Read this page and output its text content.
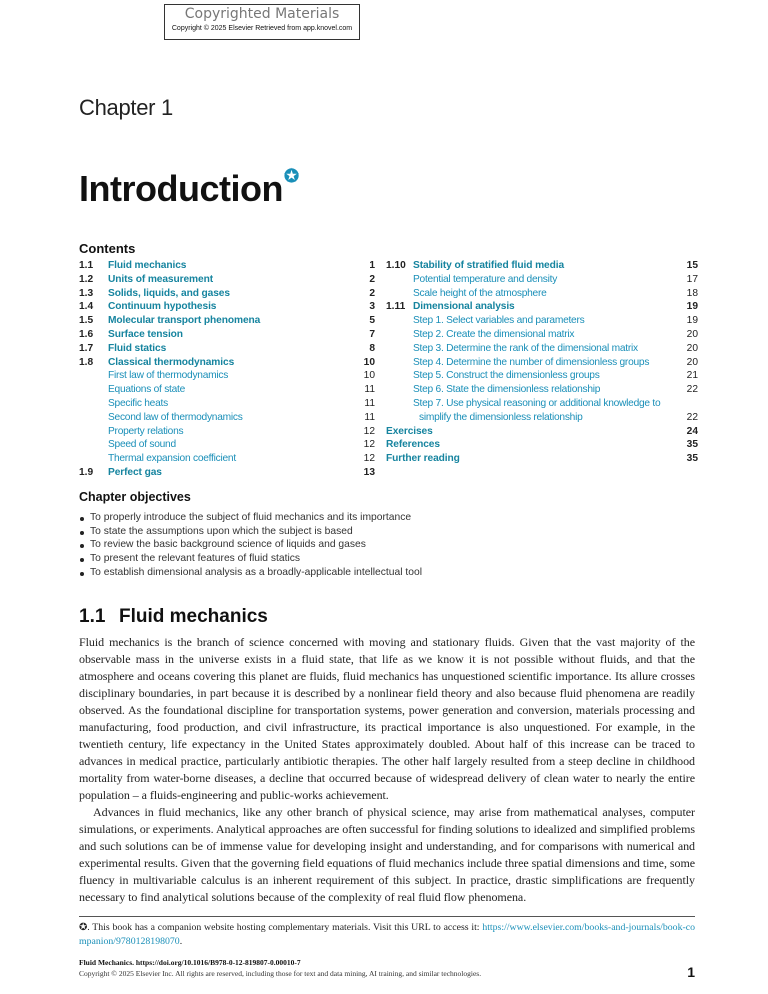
Copyrighted Materials
Copyright © 2025 Elsevier Retrieved from app.knovel.com
Chapter 1
Introduction✪
Contents
1.1 Fluid mechanics	1
1.2 Units of measurement	2
1.3 Solids, liquids, and gases	2
1.4 Continuum hypothesis	3
1.5 Molecular transport phenomena	5
1.6 Surface tension	7
1.7 Fluid statics	8
1.8 Classical thermodynamics	10
First law of thermodynamics	10
Equations of state	11
Specific heats	11
Second law of thermodynamics	11
Property relations	12
Speed of sound	12
Thermal expansion coefficient	12
1.9 Perfect gas	13
1.10 Stability of stratified fluid media	15
Potential temperature and density	17
Scale height of the atmosphere	18
1.11 Dimensional analysis	19
Step 1. Select variables and parameters	19
Step 2. Create the dimensional matrix	20
Step 3. Determine the rank of the dimensional matrix	20
Step 4. Determine the number of dimensionless groups	20
Step 5. Construct the dimensionless groups	21
Step 6. State the dimensionless relationship	22
Step 7. Use physical reasoning or additional knowledge to
simplify the dimensionless relationship	22
Exercises	24
References	35
Further reading	35
Chapter objectives
To properly introduce the subject of fluid mechanics and its importance
To state the assumptions upon which the subject is based
To review the basic background science of liquids and gases
To present the relevant features of fluid statics
To establish dimensional analysis as a broadly-applicable intellectual tool
1.1 Fluid mechanics

Fluid mechanics is the branch of science concerned with moving and stationary fluids. Given that the vast majority of the observable mass in the universe exists in a fluid state, that life as we know it is not possible without fluids, and that the atmosphere and oceans covering this planet are fluids, fluid mechanics has unquestioned scientific importance. Its allure crosses disciplinary boundaries, in part because it is described by a nonlinear field theory and also because fluid phenomena are readily observed. As the foundational discipline for transportation systems, power generation and conversion, materials processing and manufacturing, food production, and civil infrastructure, its practical importance is also unquestioned. For example, in the twentieth century, life expectancy in the United States approximately doubled. About half of this increase can be traced to advances in medical practice, particularly antibiotic therapies. The other half largely resulted from a steep decline in childhood mortality from water-borne diseases, a decline that occurred because of widespread delivery of clean water to nearly the entire population – a fluids-engineering and public-works achievement.

Advances in fluid mechanics, like any other branch of physical science, may arise from mathematical analyses, computer simulations, or experiments. Analytical approaches are often successful for finding solutions to idealized and simplified problems and such solutions can be of immense value for developing insight and understanding, and for comparisons with numerical and experimental results. Given that the governing field equations of fluid mechanics include three spatial dimensions and time, some fluency in multivariable calculus is an inherent requirement of this subject. In practice, drastic simplifications are frequently necessary to find analytical solutions because of the complexity of real fluid flow phenomena.

✪. This book has a companion website hosting complementary materials. Visit this URL to access it: https://www.elsevier.com/books-and-journals/book-companion/9780128198070.
Fluid Mechanics. https://doi.org/10.1016/B978-0-12-819807-0.00010-7
Copyright © 2025 Elsevier Inc. All rights are reserved, including those for text and data mining, AI training, and similar technologies.	1
